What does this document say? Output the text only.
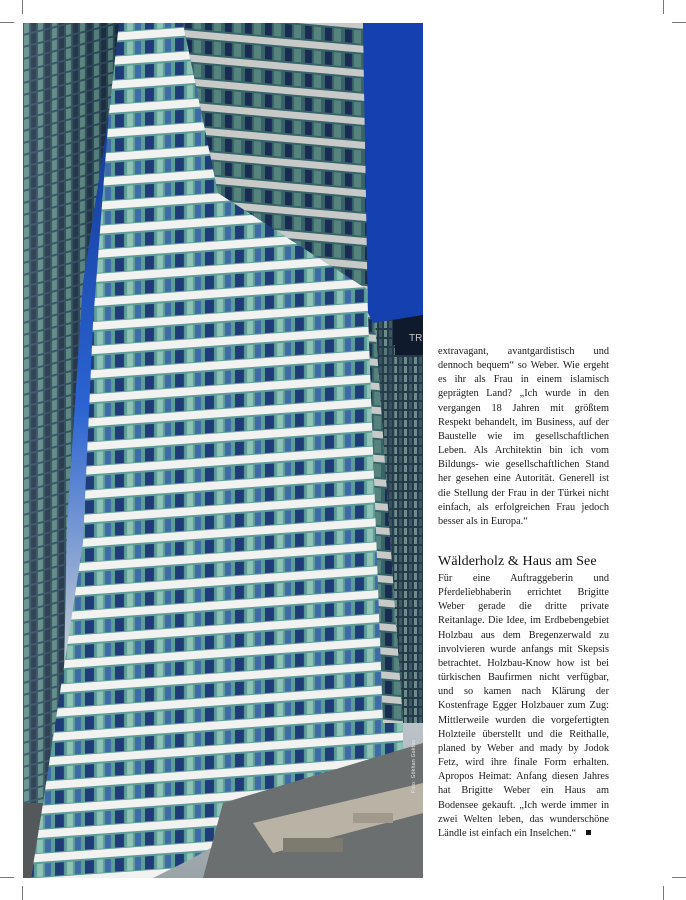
TR
Foto: Gökhan Goktas
extravagant, avantgardistisch und dennoch bequem“ so Weber. Wie ergeht es ihr als Frau in einem islamisch geprägten Land? „Ich wurde in den vergangen 18 Jahren mit größtem Respekt behandelt, im Business, auf der Baustelle wie im gesellschaftlichen Leben. Als Architektin bin ich vom Bildungs- wie gesellschaftlichen Stand her gesehen eine Autorität. Generell ist die Stellung der Frau in der Türkei nicht einfach, als erfolgreichen Frau jedoch besser als in Europa.“
Wälderholz & Haus am See
Für eine Auftraggeberin und Pferdeliebhaberin errichtet Brigitte Weber gerade die dritte private Reitanlage. Die Idee, im Erdbebengebiet Holzbau aus dem Bregenzerwald zu involvieren wurde anfangs mit Skepsis betrachtet. Holzbau-Know how ist bei türkischen Baufirmen nicht verfügbar, und so kamen nach Klärung der Kostenfrage Egger Holzbauer zum Zug: Mittlerweile wurden die vorgefertigten Holzteile überstellt und die Reithalle, planed by Weber and mady by Jodok Fetz, wird ihre finale Form erhalten. Apropos Heimat: Anfang diesen Jahres hat Brigitte Weber ein Haus am Bodensee gekauft. „Ich werde immer in zwei Welten leben, das wunderschöne Ländle ist einfach ein Inselchen.“
